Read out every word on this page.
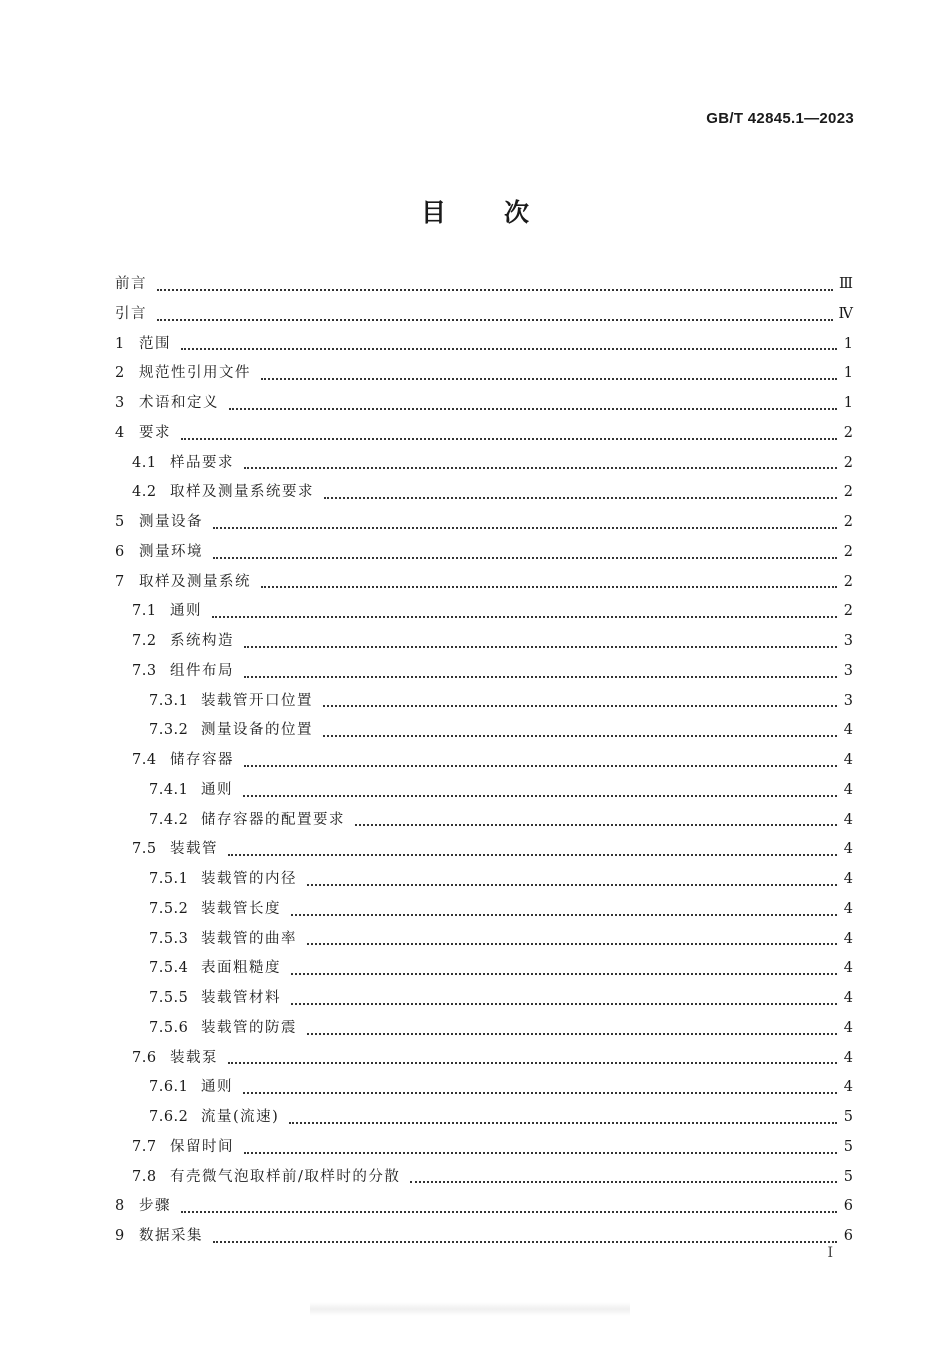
GB/T 42845.1—2023
目次
前言	Ⅲ
引言	Ⅳ
1 范围	1
2 规范性引用文件	1
3 术语和定义	1
4 要求	2
4.1 样品要求	2
4.2 取样及测量系统要求	2
5 测量设备	2
6 测量环境	2
7 取样及测量系统	2
7.1 通则	2
7.2 系统构造	3
7.3 组件布局	3
7.3.1 装载管开口位置	3
7.3.2 测量设备的位置	4
7.4 储存容器	4
7.4.1 通则	4
7.4.2 储存容器的配置要求	4
7.5 装载管	4
7.5.1 装载管的内径	4
7.5.2 装载管长度	4
7.5.3 装载管的曲率	4
7.5.4 表面粗糙度	4
7.5.5 装载管材料	4
7.5.6 装载管的防震	4
7.6 装载泵	4
7.6.1 通则	4
7.6.2 流量(流速)	5
7.7 保留时间	5
7.8 有壳微气泡取样前/取样时的分散	5
8 步骤	6
9 数据采集	6
Ⅰ
